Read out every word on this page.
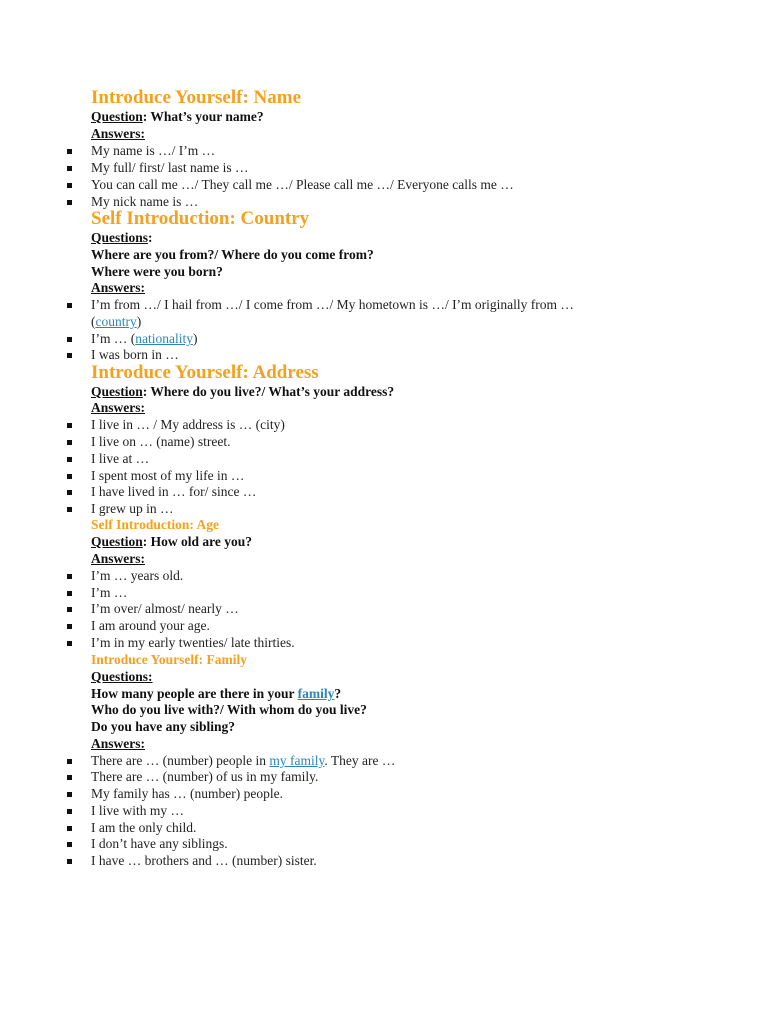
Introduce Yourself: Name
Question: What’s your name?
Answers:
My name is …/ I’m …
My full/ first/ last name is …
You can call me …/ They call me …/ Please call me …/ Everyone calls me …
My nick name is …
Self Introduction: Country
Questions:
Where are you from?/ Where do you come from?
Where were you born?
Answers:
I’m from …/ I hail from …/ I come from …/ My hometown is …/ I’m originally from …
(country)
I’m … (nationality)
I was born in …
Introduce Yourself: Address
Question: Where do you live?/ What’s your address?
Answers:
I live in … / My address is … (city)
I live on … (name) street.
I live at …
I spent most of my life in …
I have lived in … for/ since …
I grew up in …
Self Introduction: Age
Question: How old are you?
Answers:
I’m … years old.
I’m …
I’m over/ almost/ nearly …
I am around your age.
I’m in my early twenties/ late thirties.
Introduce Yourself: Family
Questions:
How many people are there in your family?
Who do you live with?/ With whom do you live?
Do you have any sibling?
Answers:
There are … (number) people in my family. They are …
There are … (number) of us in my family.
My family has … (number) people.
I live with my …
I am the only child.
I don’t have any siblings.
I have … brothers and … (number) sister.
